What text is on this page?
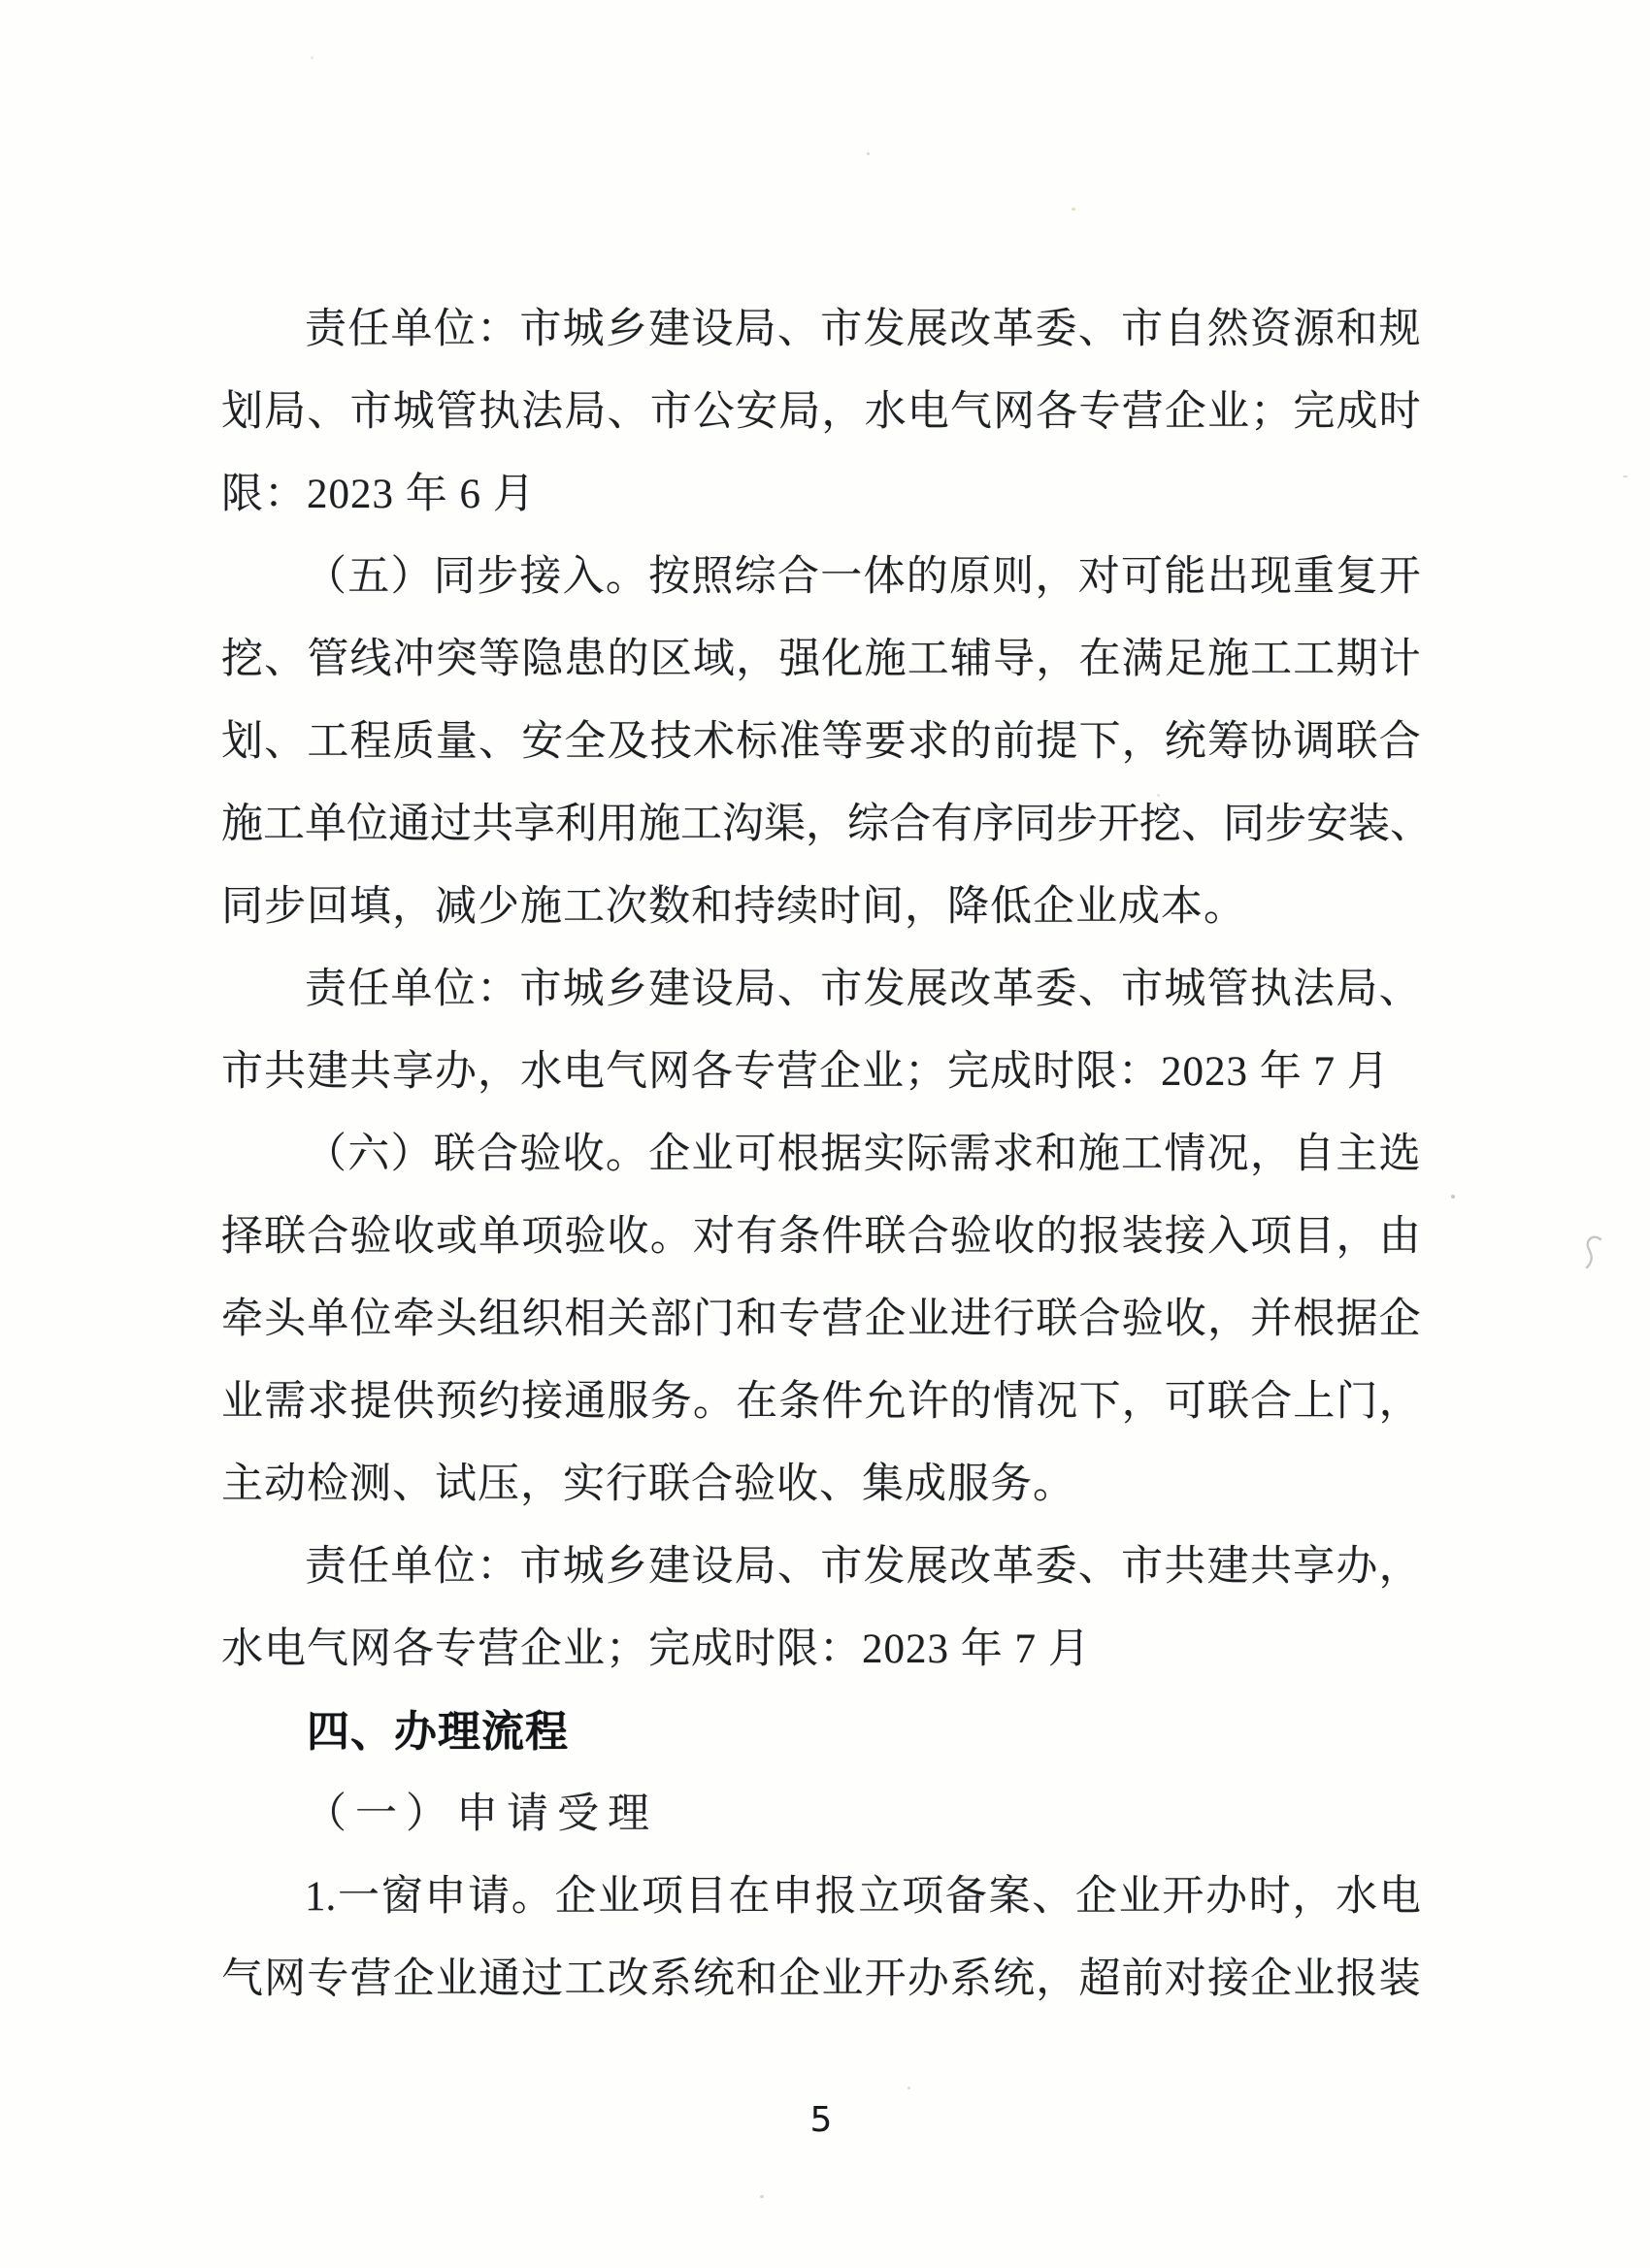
责 任 单 位 ： 市 城 乡 建 设 局 、 市 发 展 改 革 委 、 市 自 然 资 源 和 规
划 局 、 市 城 管 执 法 局 、 市 公 安 局 ， 水 电 气 网 各 专 营 企 业 ； 完 成 时
限：2023 年 6 月
（ 五 ） 同 步 接 入 。 按 照 综 合 一 体 的 原 则 ， 对 可 能 出 现 重 复 开
挖 、 管 线 冲 突 等 隐 患 的 区 域 ， 强 化 施 工 辅 导 ， 在 满 足 施 工 工 期 计
划 、 工 程 质 量 、 安 全 及 技 术 标 准 等 要 求 的 前 提 下 ， 统 筹 协 调 联 合
施 工 单 位 通 过 共 享 利 用 施 工 沟 渠 ， 综 合 有 序 同 步 开 挖 、 同 步 安 装 、
同步回填，减少施工次数和持续时间，降低企业成本。
责 任 单 位 ： 市 城 乡 建 设 局 、 市 发 展 改 革 委 、 市 城 管 执 法 局 、
市共建共享办，水电气网各专营企业；完成时限：2023 年 7 月
（ 六 ） 联 合 验 收 。 企 业 可 根 据 实 际 需 求 和 施 工 情 况 ， 自 主 选
择 联 合 验 收 或 单 项 验 收 。 对 有 条 件 联 合 验 收 的 报 装 接 入 项 目 ， 由
牵 头 单 位 牵 头 组 织 相 关 部 门 和 专 营 企 业 进 行 联 合 验 收 ， 并 根 据 企
业 需 求 提 供 预 约 接 通 服 务 。 在 条 件 允 许 的 情 况 下 ， 可 联 合 上 门 ，
主动检测、试压，实行联合验收、集成服务。
责 任 单 位 ： 市 城 乡 建 设 局 、 市 发 展 改 革 委 、 市 共 建 共 享 办 ，
水电气网各专营企业；完成时限：2023 年 7 月
四、办理流程
（一）申请受理
1. 一 窗 申 请 。 企 业 项 目 在 申 报 立 项 备 案 、 企 业 开 办 时 ， 水 电
气 网 专 营 企 业 通 过 工 改 系 统 和 企 业 开 办 系 统 ， 超 前 对 接 企 业 报 装
5
